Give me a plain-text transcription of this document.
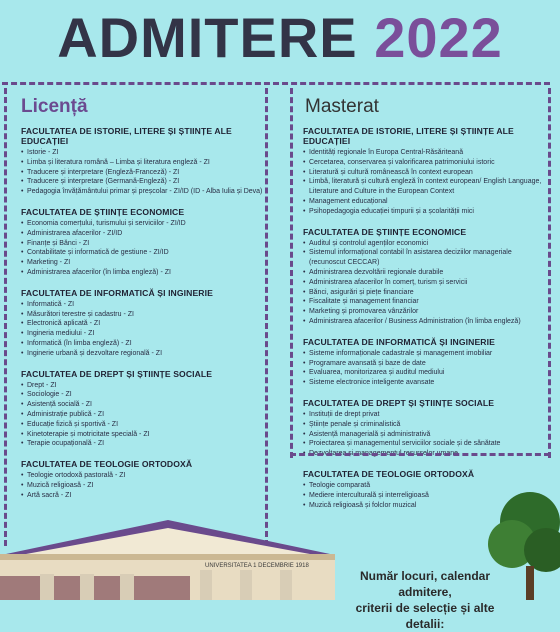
ADMITERE 2022
Licență
FACULTATEA DE ISTORIE, LITERE ȘI ȘTIINȚE ALE EDUCAȚIEI
• Istorie - ZI
• Limba și literatura română – Limba și literatura engleză - ZI
• Traducere și interpretare (Engleză-Franceză) - ZI
• Traducere și interpretare (Germană-Engleză) - ZI
• Pedagogia învățământului primar și preșcolar - ZI/ID (ID - Alba Iulia și Deva)
FACULTATEA DE ȘTIINȚE ECONOMICE
• Economia comerțului, turismului și serviciilor - ZI/ID
• Administrarea afacerilor - ZI/ID
• Finanțe și Bănci - ZI
• Contabilitate și informatică de gestiune - ZI/ID
• Marketing - ZI
• Administrarea afacerilor (în limba engleză) - ZI
FACULTATEA DE INFORMATICĂ ȘI INGINERIE
• Informatică - ZI
• Măsurători terestre și cadastru - ZI
• Electronică aplicată - ZI
• Ingineria mediului - ZI
• Informatică (în limba engleză) - ZI
• Inginerie urbană și dezvoltare regională - ZI
FACULTATEA DE DREPT ȘI ȘTIINȚE SOCIALE
• Drept - ZI
• Sociologie - ZI
• Asistență socială - ZI
• Administrație publică - ZI
• Educație fizică și sportivă - ZI
• Kinetoterapie și motricitate specială - ZI
• Terapie ocupațională - ZI
FACULTATEA DE TEOLOGIE ORTODOXĂ
• Teologie ortodoxă pastorală - ZI
• Muzică religioasă - ZI
• Artă sacră - ZI
Masterat
FACULTATEA DE ISTORIE, LITERE ȘI ȘTIINȚE ALE EDUCAȚIEI
• Identități regionale în Europa Central-Răsăriteană
• Cercetarea, conservarea și valorificarea patrimoniului istoric
• Literatură și cultură românească în context european
• Limbă, literatură și cultură engleză în context european/ English Language, Literature and Culture in the European Context
• Management educațional
• Psihopedagogia educației timpurii și a școlarității mici
FACULTATEA DE ȘTIINȚE ECONOMICE
• Auditul și controlul agenților economici
• Sistemul informațional contabil în asistarea deciziilor manageriale (recunoscut CECCAR)
• Administrarea dezvoltării regionale durabile
• Administrarea afacerilor în comerț, turism și servicii
• Bănci, asigurări și piețe financiare
• Fiscalitate și management financiar
• Marketing și promovarea vânzărilor
• Administrarea afacerilor / Business Administration (în limba engleză)
FACULTATEA DE INFORMATICĂ ȘI INGINERIE
• Sisteme informaționale cadastrale și management imobiliar
• Programare avansată și baze de date
• Evaluarea, monitorizarea și auditul mediului
• Sisteme electronice inteligente avansate
FACULTATEA DE DREPT ȘI ȘTIINȚE SOCIALE
• Instituții de drept privat
• Științe penale și criminalistică
• Asistență managerială și administrativă
• Proiectarea și managementul serviciilor sociale și de sănătate
• Dezvoltarea și managementul resurselor umane
FACULTATEA DE TEOLOGIE ORTODOXĂ
• Teologie comparată
• Mediere interculturală și interreligioasă
• Muzică religioasă și folclor muzical
UNIVERSITATEA 1 DECEMBRIE 1918
Număr locuri, calendar admitere,
criterii de selecție și alte detalii:
